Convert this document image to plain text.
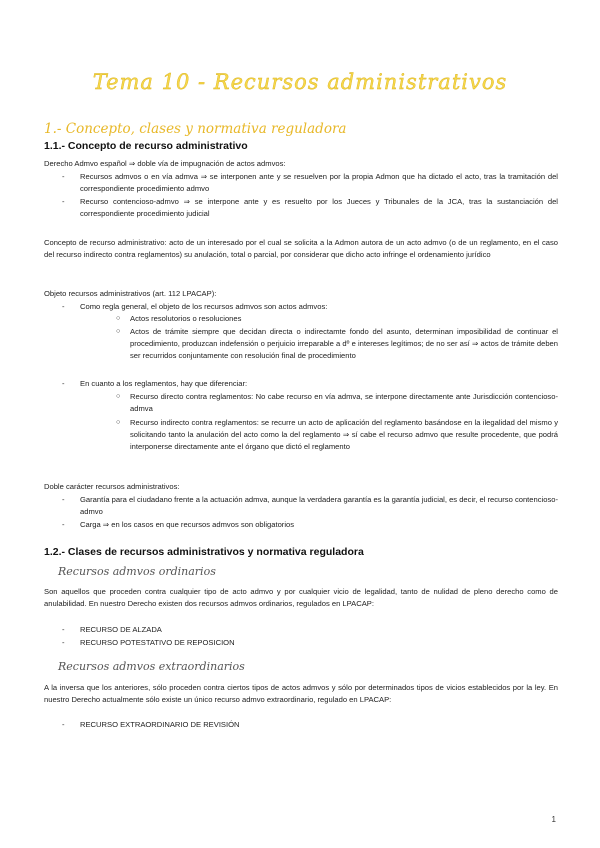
Tema 10 - Recursos administrativos
1.- Concepto, clases y normativa reguladora
1.1.- Concepto de recurso administrativo
Derecho Admvo español ⇒ doble vía de impugnación de actos admvos:
- Recursos admvos o en vía admva ⇒ se interponen ante y se resuelven por la propia Admon que ha dictado el acto, tras la tramitación del correspondiente procedimiento admvo
- Recurso contencioso-admvo ⇒ se interpone ante y es resuelto por los Jueces y Tribunales de la JCA, tras la sustanciación del correspondiente procedimiento judicial
Concepto de recurso administrativo: acto de un interesado por el cual se solicita a la Admon autora de un acto admvo (o de un reglamento, en el caso del recurso indirecto contra reglamentos) su anulación, total o parcial, por considerar que dicho acto infringe el ordenamiento jurídico
Objeto recursos administrativos (art. 112 LPACAP):
- Como regla general, el objeto de los recursos admvos son actos admvos:
○ Actos resolutorios o resoluciones
○ Actos de trámite siempre que decidan directa o indirectamte fondo del asunto, determinan imposibilidad de continuar el procedimiento, produzcan indefensión o perjuicio irreparable a dº e intereses legítimos; de no ser así ⇒ actos de trámite deben ser recurridos conjuntamente con resolución final de procedimiento
- En cuanto a los reglamentos, hay que diferenciar:
○ Recurso directo contra reglamentos: No cabe recurso en vía admva, se interpone directamente ante Jurisdicción contencioso-admva
○ Recurso indirecto contra reglamentos: se recurre un acto de aplicación del reglamento basándose en la ilegalidad del mismo y solicitando tanto la anulación del acto como la del reglamento ⇒ sí cabe el recurso admvo que resulte procedente, que podrá interponerse directamente ante el órgano que dictó el reglamento
Doble carácter recursos administrativos:
- Garantía para el ciudadano frente a la actuación admva, aunque la verdadera garantía es la garantía judicial, es decir, el recurso contencioso-admvo
- Carga ⇒ en los casos en que recursos admvos son obligatorios
1.2.- Clases de recursos administrativos y normativa reguladora
Recursos admvos ordinarios
Son aquellos que proceden contra cualquier tipo de acto admvo y por cualquier vicio de legalidad, tanto de nulidad de pleno derecho como de anulabilidad. En nuestro Derecho existen dos recursos admvos ordinarios, regulados en LPACAP:
- RECURSO DE ALZADA
- RECURSO POTESTATIVO DE REPOSICION
Recursos admvos extraordinarios
A la inversa que los anteriores, sólo proceden contra ciertos tipos de actos admvos y sólo por determinados tipos de vicios establecidos por la ley. En nuestro Derecho actualmente sólo existe un único recurso admvo extraordinario, regulado en LPACAP:
- RECURSO EXTRAORDINARIO DE REVISIÓN
1
